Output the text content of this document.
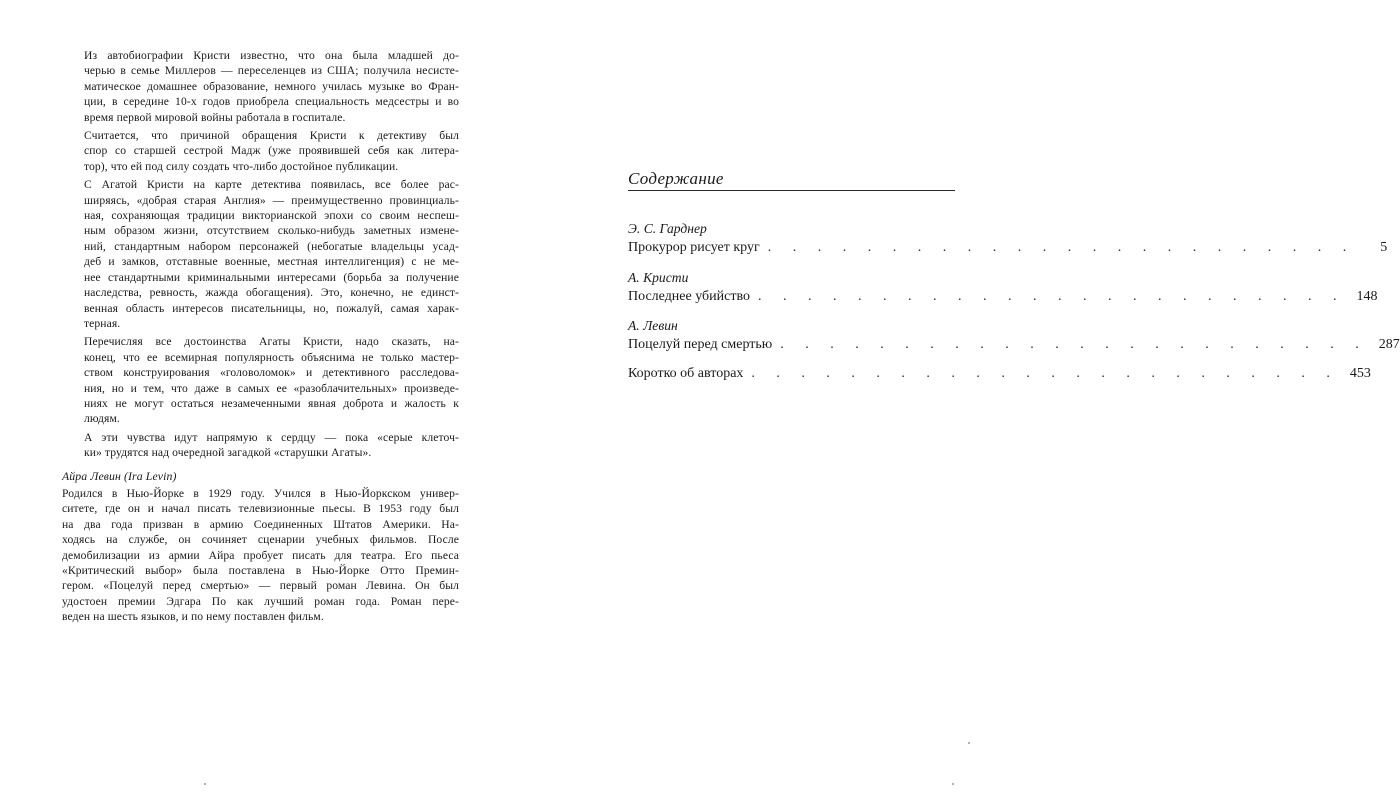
Из автобиографии Кристи известно, что она была младшей до-
черью в семье Миллеров — переселенцев из США; получила несисте-
матическое домашнее образование, немного училась музыке во Фран-
ции, в середине 10-х годов приобрела специальность медсестры и во
время первой мировой войны работала в госпитале.
Считается, что причиной обращения Кристи к детективу был
спор со старшей сестрой Мадж (уже проявившей себя как литера-
тор), что ей под силу создать что-либо достойное публикации.
С Агатой Кристи на карте детектива появилась, все более рас-
ширяясь, «добрая старая Англия» — преимущественно провинциаль-
ная, сохраняющая традиции викторианской эпохи со своим неспеш-
ным образом жизни, отсутствием сколько-нибудь заметных измене-
ний, стандартным набором персонажей (небогатые владельцы усад-
деб и замков, отставные военные, местная интеллигенция) с не ме-
нее стандартными криминальными интересами (борьба за получение
наследства, ревность, жажда обогащения). Это, конечно, не единст-
венная область интересов писательницы, но, пожалуй, самая харак-
терная.
Перечисляя все достоинства Агаты Кристи, надо сказать, на-
конец, что ее всемирная популярность объяснима не только мастер-
ством конструирования «головоломок» и детективного расследова-
ния, но и тем, что даже в самых ее «разоблачительных» произведе-
ниях не могут остаться незамеченными явная доброта и жалость к
людям.
А эти чувства идут напрямую к сердцу — пока «серые клеточ-
ки» трудятся над очередной загадкой «старушки Агаты».
Айра Левин (Ira Levin)
Родился в Нью-Йорке в 1929 году. Учился в Нью-Йоркском универ-
ситете, где он и начал писать телевизионные пьесы. В 1953 году был
на два года призван в армию Соединенных Штатов Америки. На-
ходясь на службе, он сочиняет сценарии учебных фильмов. После
демобилизации из армии Айра пробует писать для театра. Его пьеса
«Критический выбор» была поставлена в Нью-Йорке Отто Премин-
гером. «Поцелуй перед смертью» — первый роман Левина. Он был
удостоен премии Эдгара По как лучший роман года. Роман пере-
веден на шесть языков, и по нему поставлен фильм.
Содержание
Э. С. Гарднер
Прокурор рисует круг . . . . . . . . . . . . . . . . . . . . . . . .	5
А. Кристи
Последнее убийство . . . . . . . . . . . . . . . . . . . . . . . . 148
А. Левин
Поцелуй перед смертью . . . . . . . . . . . . . . . . . . . . . . . . 287
Коротко об авторах . . . . . . . . . . . . . . . . . . . . . . . . 453
